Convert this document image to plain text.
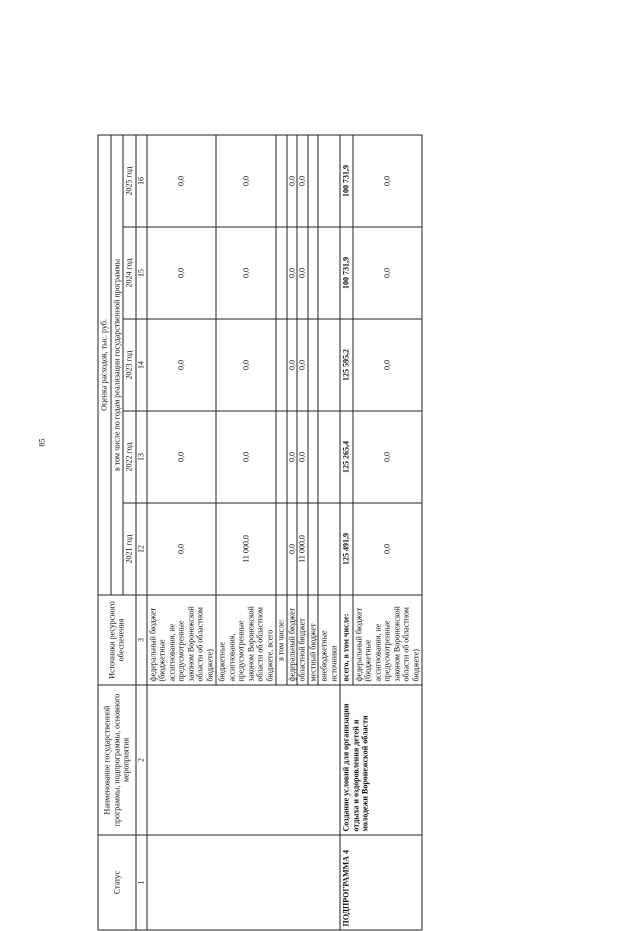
85
Статус	Наименование государственной программы, подпрограммы, основного мероприятия	Источники ресурсного обеспечения	Оценка расходов, тыс. руб.				
			в том числе по годам реализации государственной программы				
			2021 год	2022 год	2023 год	2024 год	2025 год
1	2	3	12	13	14	15	16
		федеральный бюджет (бюджетные ассигнования, не предусмотренные законом Воронежской области об областном бюджете)	0,0	0,0	0,0	0,0	0,0
		бюджетные ассигнования, предусмотренные законом Воронежской области об областном бюджете, всего	11 000,0	0,0	0,0	0,0	0,0
		в том числе:					
		федеральный бюджет	0,0	0,0	0,0	0,0	0,0
		областной бюджет	11 000,0	0,0	0,0	0,0	0,0
		местный бюджет					
		внебюджетные источники					
ПОДПРОГРАММА 4	Создание условий для организации отдыха и оздоровления детей и молодежи Воронежской области	всего, в том числе:	125 491,9	125 265,4	125 595,2	100 731,9	100 731,9
		федеральный бюджет (бюджетные ассигнования, не предусмотренные законом Воронежской области об областном бюджете)	0,0	0,0	0,0	0,0	0,0
